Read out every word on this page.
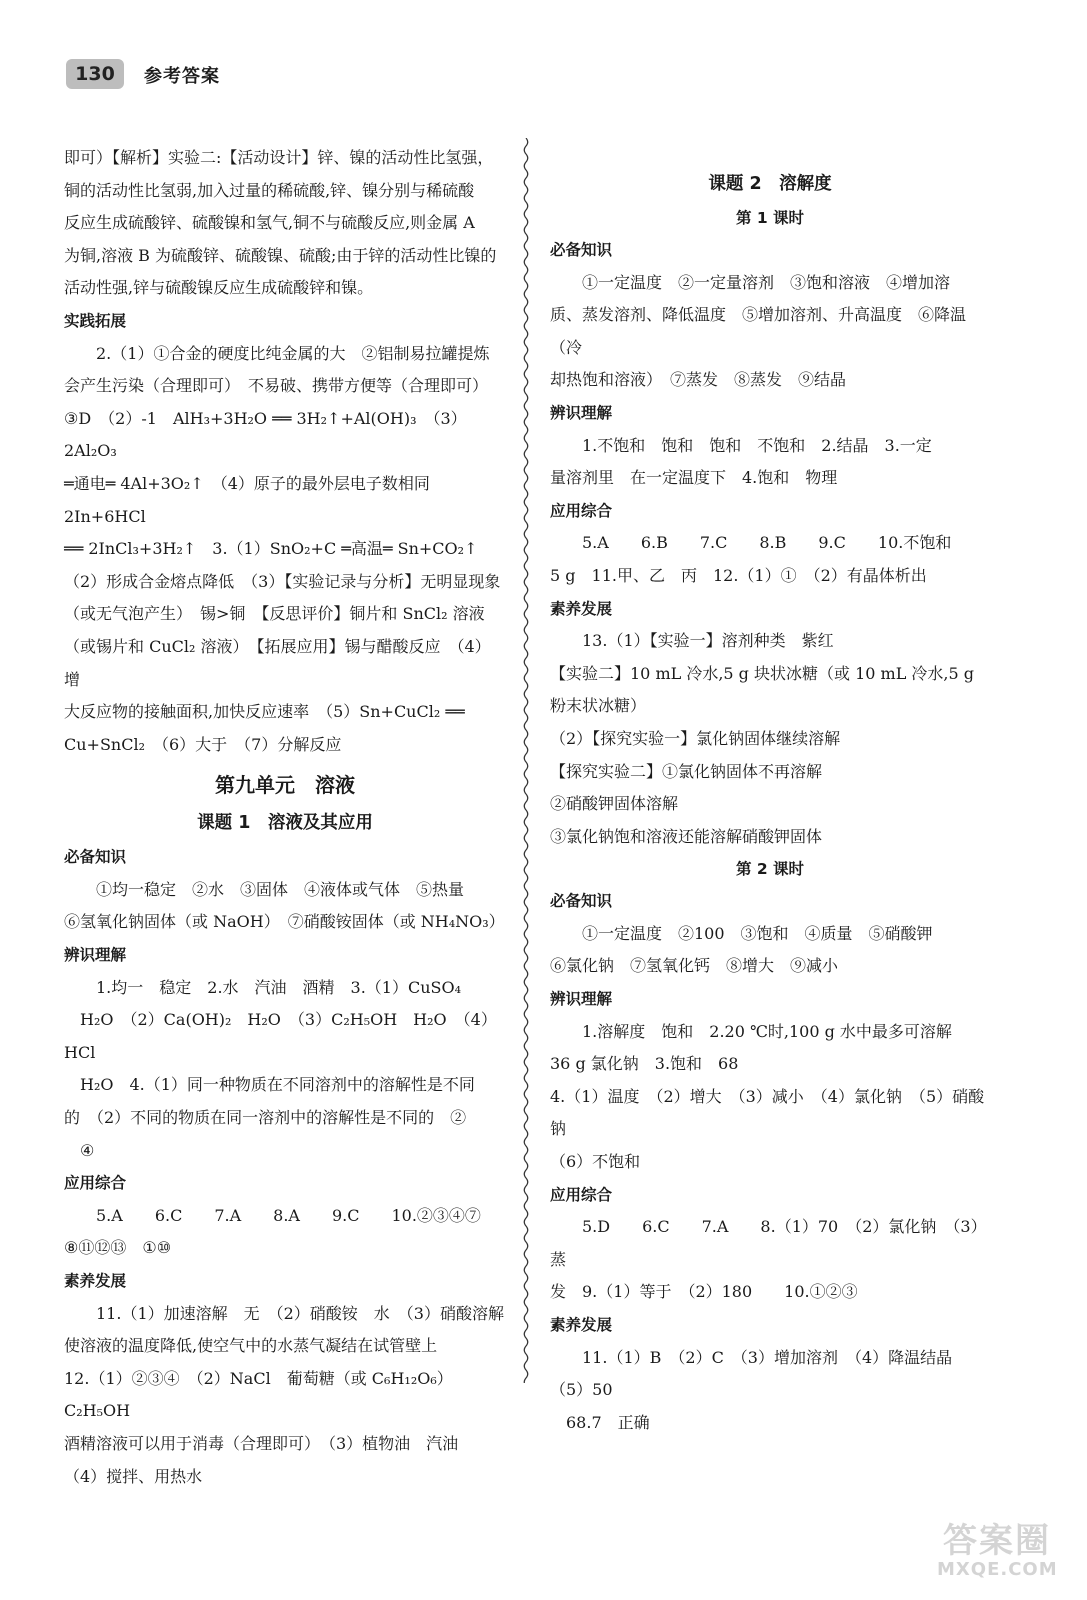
130	参考答案

即可）【解析】实验二:【活动设计】锌、镍的活动性比氢强，

铜的活动性比氢弱,加入过量的稀硫酸,锌、镍分别与稀硫酸

反应生成硫酸锌、硫酸镍和氢气,铜不与硫酸反应,则金属 A

为铜,溶液 B 为硫酸锌、硫酸镍、硫酸;由于锌的活动性比镍的

活动性强,锌与硫酸镍反应生成硫酸锌和镍。

实践拓展

2.（1）①合金的硬度比纯金属的大　②铝制易拉罐提炼

会产生污染（合理即可）　不易破、携带方便等（合理即可）

③D　（2）-1　AlH₃+3H₂O ══ 3H₂↑+Al(OH)₃　（3）2Al₂O₃

═通电═ 4Al+3O₂↑　（4）原子的最外层电子数相同　2In+6HCl

══ 2InCl₃+3H₂↑　3.（1）SnO₂+C ═高温═ Sn+CO₂↑

（2）形成合金熔点降低　（3）【实验记录与分析】无明显现象

（或无气泡产生）　锡>铜　【反思评价】铜片和 SnCl₂ 溶液

（或锡片和 CuCl₂ 溶液）　【拓展应用】锡与醋酸反应　（4）增

大反应物的接触面积,加快反应速率　（5）Sn+CuCl₂ ══

Cu+SnCl₂　（6）大于　（7）分解反应

第九单元　溶液
课题 1　溶液及其应用
必备知识

①均一稳定　②水　③固体　④液体或气体　⑤热量

⑥氢氧化钠固体（或 NaOH）　⑦硝酸铵固体（或 NH₄NO₃）

辨识理解

1.均一　稳定　2.水　汽油　酒精　3.（1）CuSO₄

H₂O　（2）Ca(OH)₂　H₂O　（3）C₂H₅OH　H₂O　（4）HCl

H₂O　4.（1）同一种物质在不同溶剂中的溶解性是不同

的　（2）不同的物质在同一溶剂中的溶解性是不同的　②

④

应用综合

5.A　　6.C　　7.A　　8.A　　9.C　　10.②③④⑦

⑧⑪⑫⑬　①⑩

素养发展

11.（1）加速溶解　无　（2）硝酸铵　水　（3）硝酸溶解

使溶液的温度降低,使空气中的水蒸气凝结在试管壁上

12.（1）②③④　（2）NaCl　葡萄糖（或 C₆H₁₂O₆）　C₂H₅OH

酒精溶液可以用于消毒（合理即可）　（3）植物油　汽油

（4）搅拌、用热水

课题 2　溶解度
第 1 课时
必备知识

①一定温度　②一定量溶剂　③饱和溶液　④增加溶

质、蒸发溶剂、降低温度　⑤增加溶剂、升高温度　⑥降温（冷

却热饱和溶液）　⑦蒸发　⑧蒸发　⑨结晶

辨识理解

1.不饱和　饱和　饱和　不饱和　2.结晶　3.一定

量溶剂里　在一定温度下　4.饱和　物理

应用综合

5.A　　6.B　　7.C　　8.B　　9.C　　10.不饱和

5 g　11.甲、乙　丙　12.（1）①　（2）有晶体析出

素养发展

13.（1）【实验一】溶剂种类　紫红

【实验二】10 mL 冷水,5 g 块状冰糖（或 10 mL 冷水,5 g

粉末状冰糖）

（2）【探究实验一】氯化钠固体继续溶解

【探究实验二】①氯化钠固体不再溶解

②硝酸钾固体溶解

③氯化钠饱和溶液还能溶解硝酸钾固体

第 2 课时
必备知识

①一定温度　②100　③饱和　④质量　⑤硝酸钾

⑥氯化钠　⑦氢氧化钙　⑧增大　⑨减小

辨识理解

1.溶解度　饱和　2.20 ℃时,100 g 水中最多可溶解

36 g 氯化钠　3.饱和　68

4.（1）温度　（2）增大　（3）减小　（4）氯化钠　（5）硝酸钠

（6）不饱和

应用综合

5.D　　6.C　　7.A　　8.（1）70　（2）氯化钠　（3）蒸

发　9.（1）等于　（2）180　　10.①②③

素养发展

11.（1）B　（2）C　（3）增加溶剂　（4）降温结晶　（5）50

68.7　正确

答案圈
MXQE.COM
